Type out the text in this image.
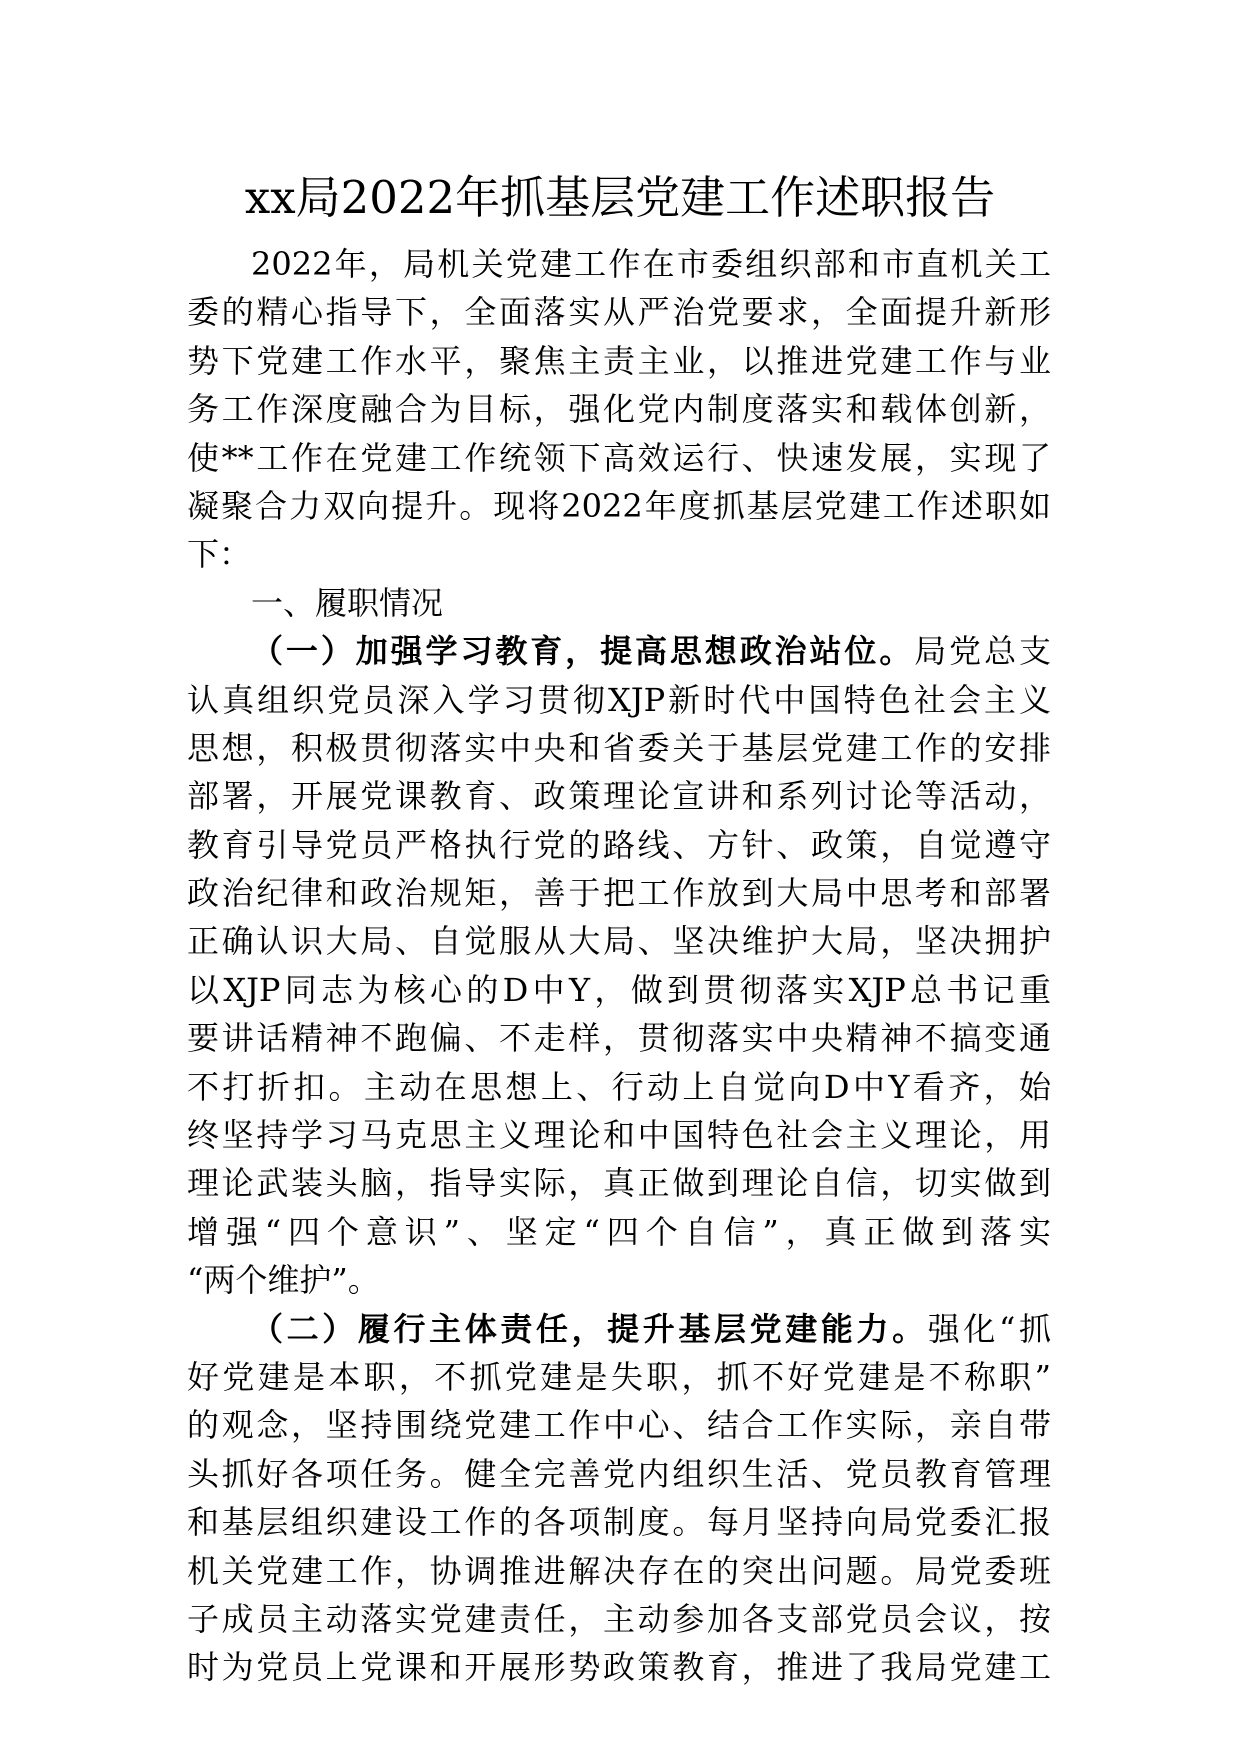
xx局2022年抓基层党建工作述职报告
2022年，局机关党建工作在市委组织部和市直机关工
委的精心指导下，全面落实从严治党要求，全面提升新形
势下党建工作水平，聚焦主责主业，以推进党建工作与业
务工作深度融合为目标，强化党内制度落实和载体创新，
使**工作在党建工作统领下高效运行、快速发展，实现了
凝聚合力双向提升。现将2022年度抓基层党建工作述职如
下：
一、履职情况
（一）加强学习教育，提高思想政治站位。局党总支
认真组织党员深入学习贯彻XJP新时代中国特色社会主义
思想，积极贯彻落实中央和省委关于基层党建工作的安排
部署，开展党课教育、政策理论宣讲和系列讨论等活动，
教育引导党员严格执行党的路线、方针、政策，自觉遵守
政治纪律和政治规矩，善于把工作放到大局中思考和部署
正确认识大局、自觉服从大局、坚决维护大局，坚决拥护
以XJP同志为核心的D中Y，做到贯彻落实XJP总书记重
要讲话精神不跑偏、不走样，贯彻落实中央精神不搞变通
不打折扣。主动在思想上、行动上自觉向D中Y看齐，始
终坚持学习马克思主义理论和中国特色社会主义理论，用
理论武装头脑，指导实际，真正做到理论自信，切实做到
增强“四个意识”、坚定“四个自信”，真正做到落实
“两个维护”。
（二）履行主体责任，提升基层党建能力。强化“抓
好党建是本职，不抓党建是失职，抓不好党建是不称职”
的观念，坚持围绕党建工作中心、结合工作实际，亲自带
头抓好各项任务。健全完善党内组织生活、党员教育管理
和基层组织建设工作的各项制度。每月坚持向局党委汇报
机关党建工作，协调推进解决存在的突出问题。局党委班
子成员主动落实党建责任，主动参加各支部党员会议，按
时为党员上党课和开展形势政策教育，推进了我局党建工
